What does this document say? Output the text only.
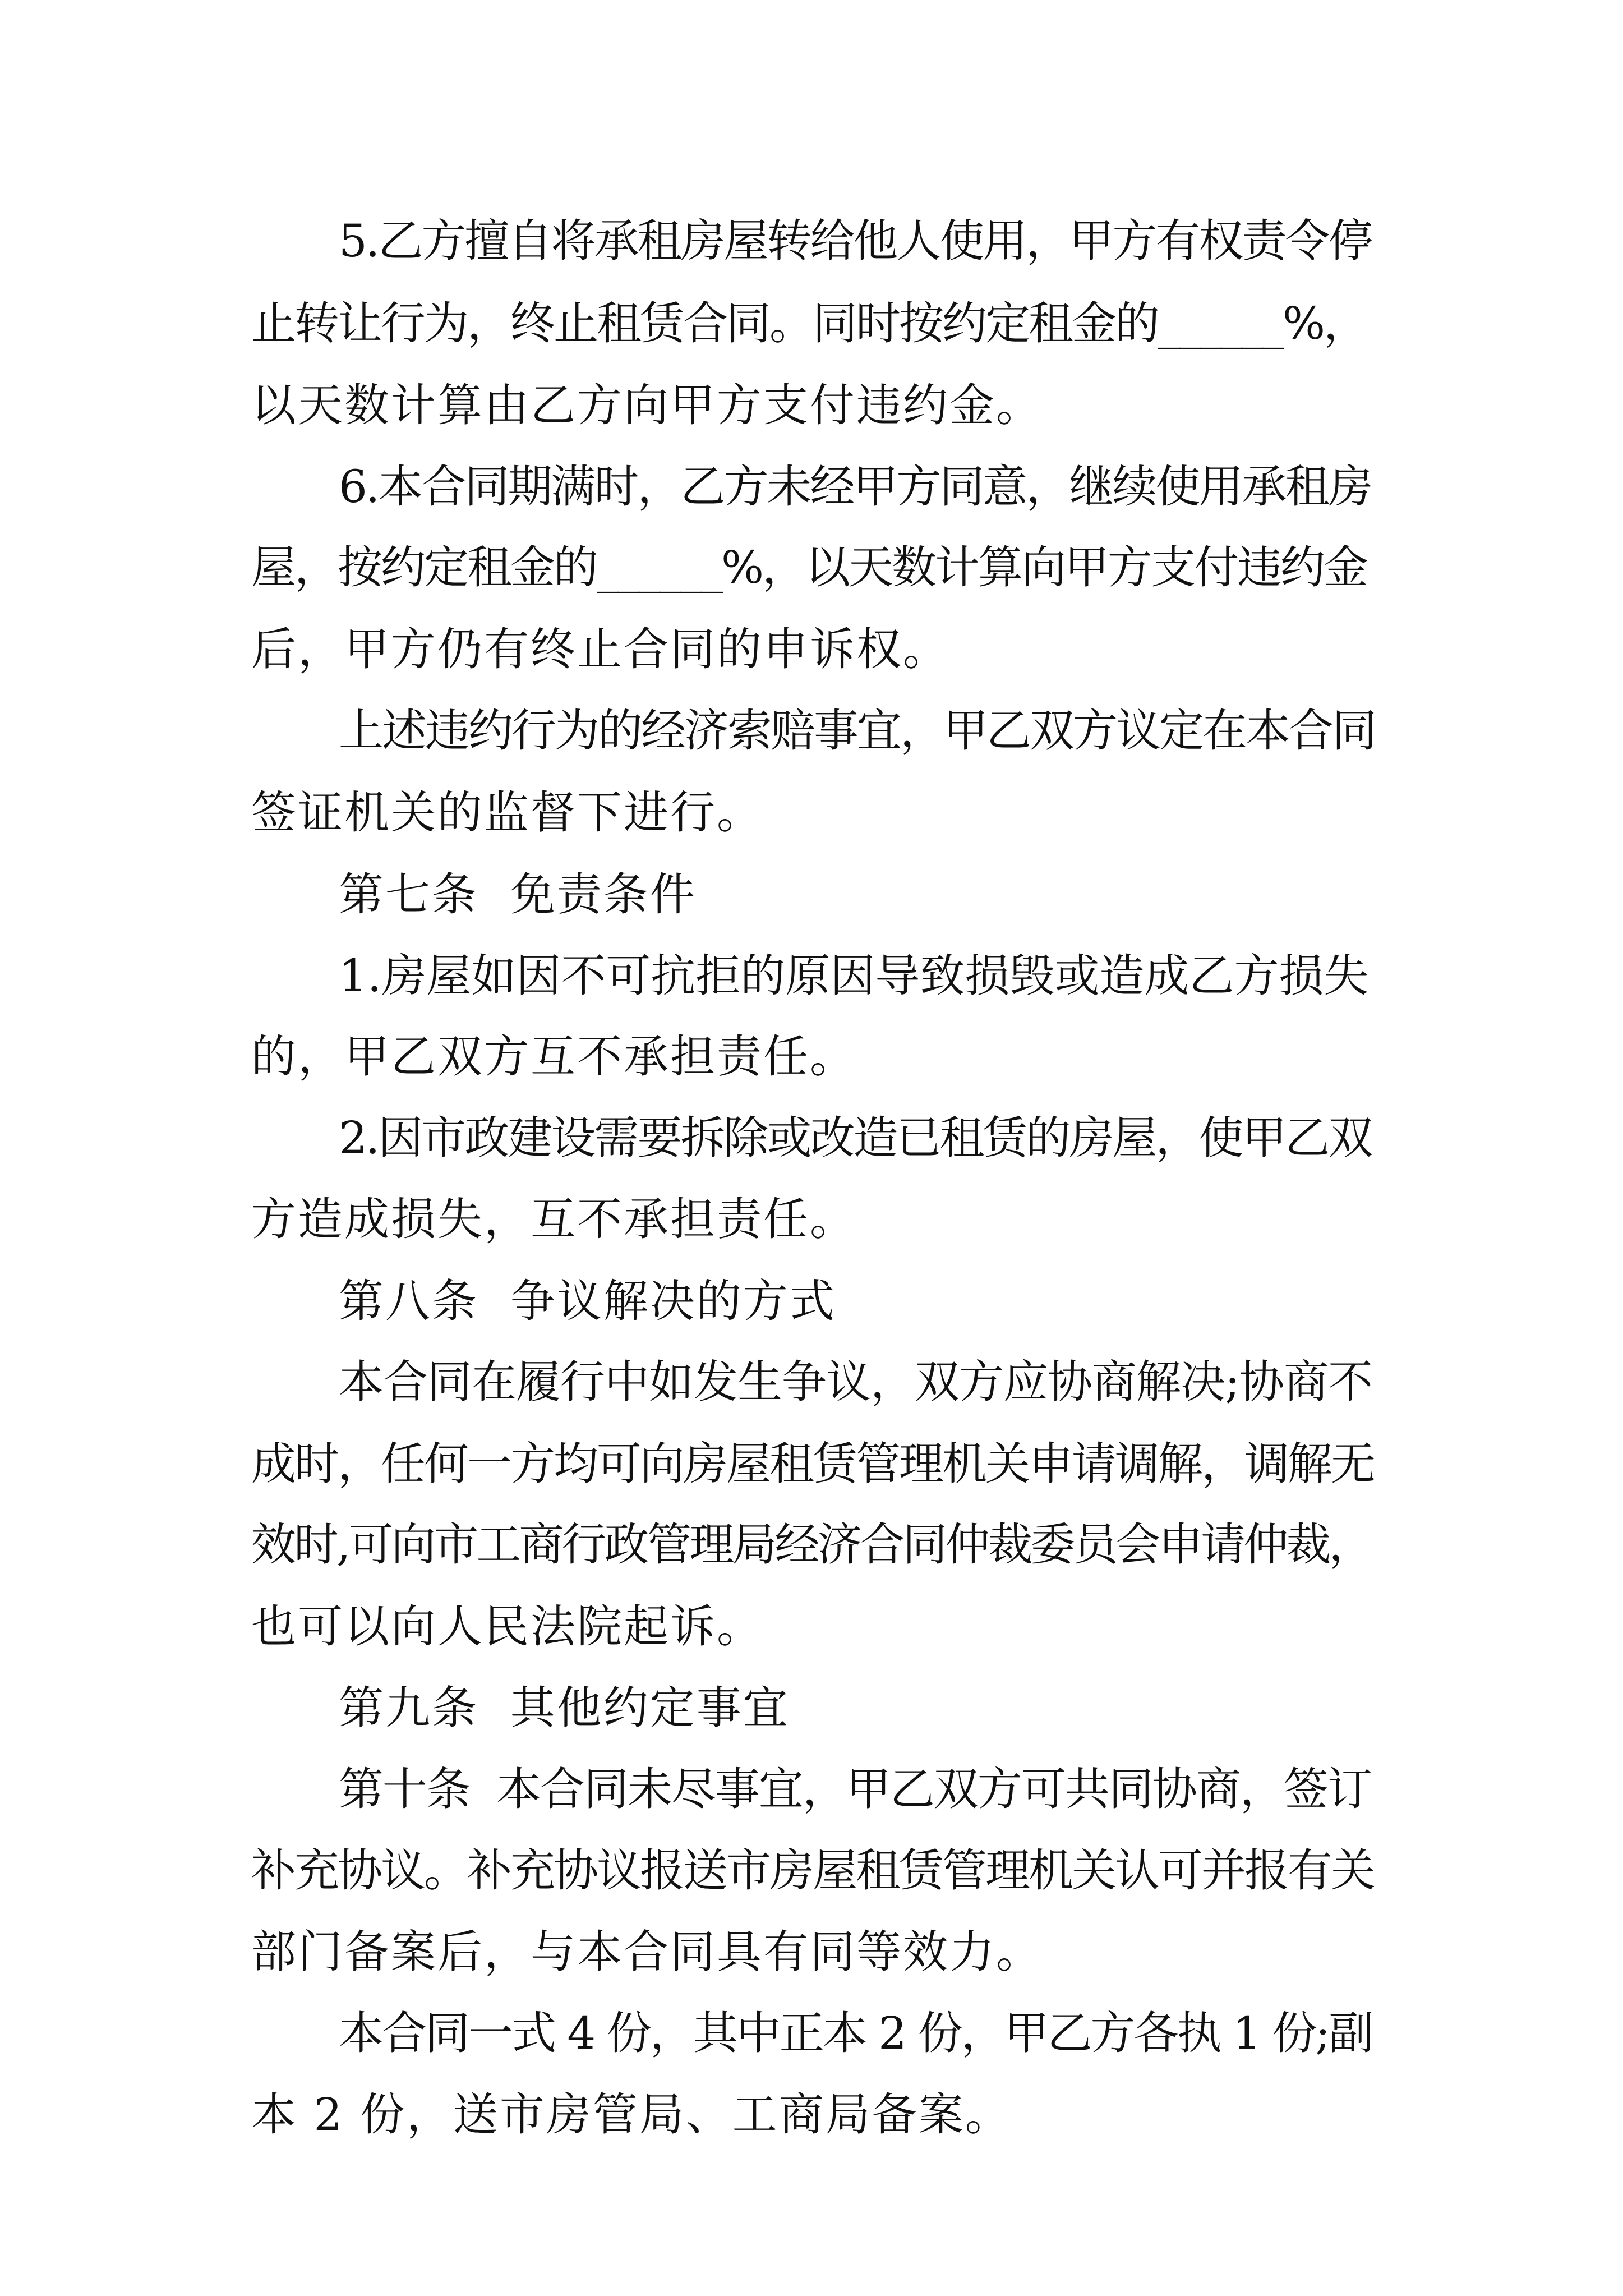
5.乙方擅自将承租房屋转给他人使用，甲方有权责令停
止转让行为，终止租赁合同。同时按约定租金的______%，
以天数计算由乙方向甲方支付违约金。
6.本合同期满时，乙方未经甲方同意，继续使用承租房
屋，按约定租金的______%，以天数计算向甲方支付违约金
后，甲方仍有终止合同的申诉权。
上述违约行为的经济索赔事宜，甲乙双方议定在本合同
签证机关的监督下进行。
第七条  免责条件
1.房屋如因不可抗拒的原因导致损毁或造成乙方损失
的，甲乙双方互不承担责任。
2.因市政建设需要拆除或改造已租赁的房屋，使甲乙双
方造成损失，互不承担责任。
第八条  争议解决的方式
本合同在履行中如发生争议，双方应协商解决;协商不
成时，任何一方均可向房屋租赁管理机关申请调解，调解无
效时,可向市工商行政管理局经济合同仲裁委员会申请仲裁，
也可以向人民法院起诉。
第九条  其他约定事宜
第十条  本合同未尽事宜，甲乙双方可共同协商，签订
补充协议。补充协议报送市房屋租赁管理机关认可并报有关
部门备案后，与本合同具有同等效力。
本合同一式 4 份，其中正本 2 份，甲乙方各执 1 份;副
本 2 份，送市房管局、工商局备案。
